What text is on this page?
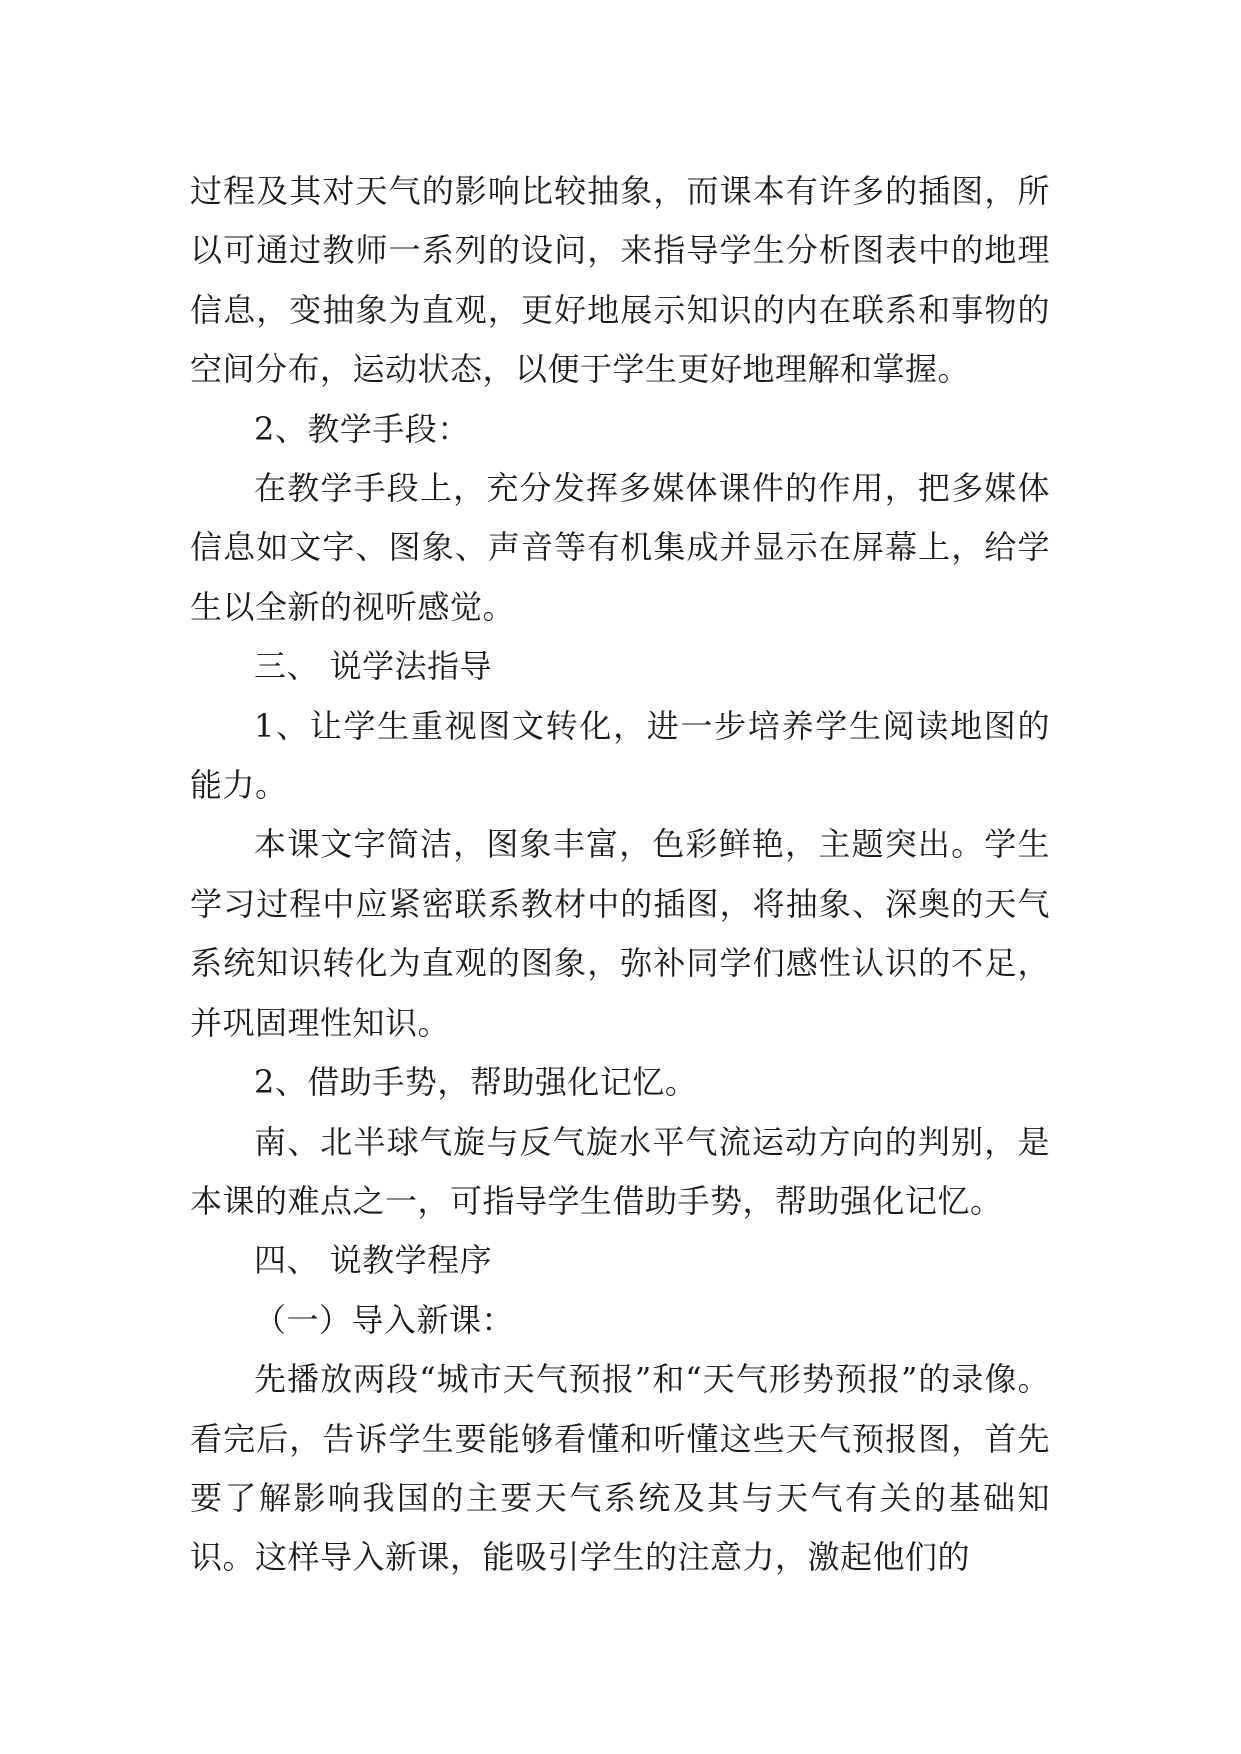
过程及其对天气的影响比较抽象，而课本有许多的插图，所以可通过教师一系列的设问，来指导学生分析图表中的地理信息，变抽象为直观，更好地展示知识的内在联系和事物的空间分布，运动状态，以便于学生更好地理解和掌握。

2、教学手段：

在教学手段上，充分发挥多媒体课件的作用，把多媒体信息如文字、图象、声音等有机集成并显示在屏幕上，给学生以全新的视听感觉。

三、 说学法指导

1、让学生重视图文转化，进一步培养学生阅读地图的能力。

本课文字简洁，图象丰富，色彩鲜艳，主题突出。学生学习过程中应紧密联系教材中的插图，将抽象、深奥的天气系统知识转化为直观的图象，弥补同学们感性认识的不足，并巩固理性知识。

2、借助手势，帮助强化记忆。

南、北半球气旋与反气旋水平气流运动方向的判别，是本课的难点之一，可指导学生借助手势，帮助强化记忆。

四、 说教学程序

（一）导入新课：

先播放两段“城市天气预报”和“天气形势预报”的录像。看完后，告诉学生要能够看懂和听懂这些天气预报图，首先要了解影响我国的主要天气系统及其与天气有关的基础知识。这样导入新课，能吸引学生的注意力，激起他们的
